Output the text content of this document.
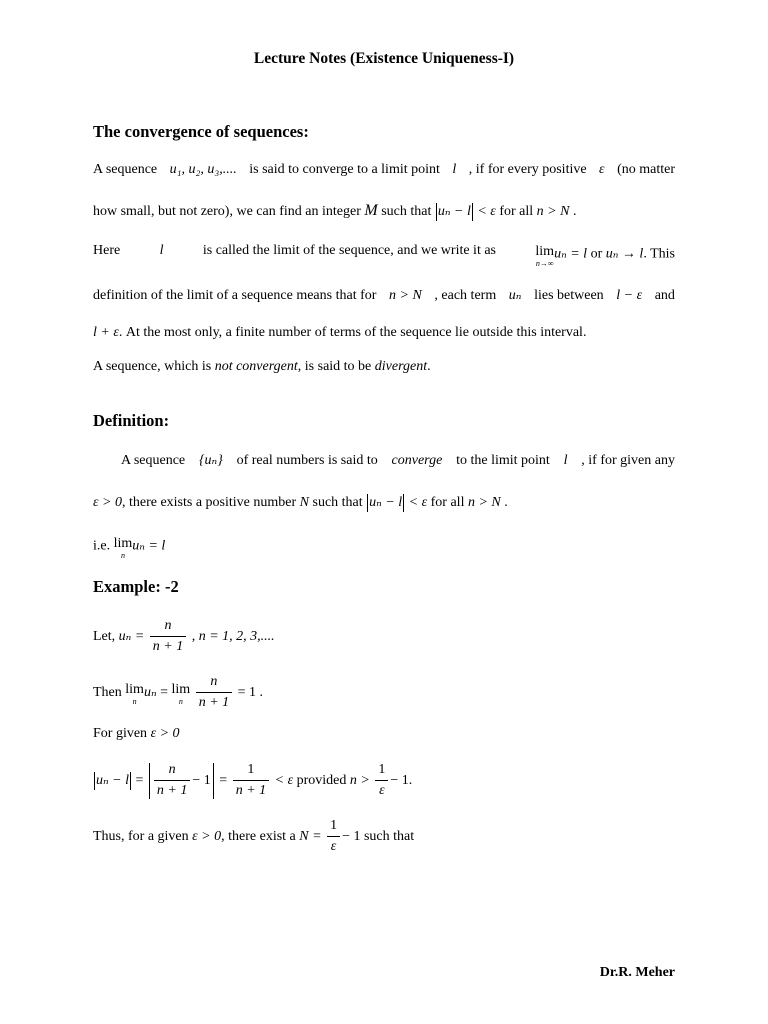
Lecture Notes (Existence Uniqueness-I)
The convergence of sequences:
A sequence u₁, u₂, u₃,.... is said to converge to a limit point l , if for every positive ε (no matter
how small, but not zero), we can find an integer M such that uₙ − l < ε for all n > N .
Here	l	is called the limit of the sequence, and we write it as	lim
n→∞
uₙ = l or uₙ → l. This
definition of the limit of a sequence means that for n > N , each term uₙ lies between l − ε and
l + ε. At the most only, a finite number of terms of the sequence lie outside this interval.
A sequence, which is not convergent, is said to be divergent.
Definition:
A sequence {uₙ} of real numbers is said to converge to the limit point l , if for given any
ε > 0, there exists a positive number N such that uₙ − l < ε for all n > N .
i.e. lim
n
uₙ = l
Example: -2
Let, $u_n = \frac{n}{n + 1}$ , n = 1, 2, 3,....
Then lim
n
uₙ = lim
n
$\frac{n}{n + 1} = 1$ .
For given ε > 0
$u_n - l = \frac{n}{n + 1} - 1 = \frac{1}{n + 1} < \varepsilon$ provided $n > \frac{1}{\varepsilon} - 1$.
Thus, for a given ε > 0, there exist a $N = \frac{1}{\varepsilon} - 1$ such that
Dr.R. Meher
